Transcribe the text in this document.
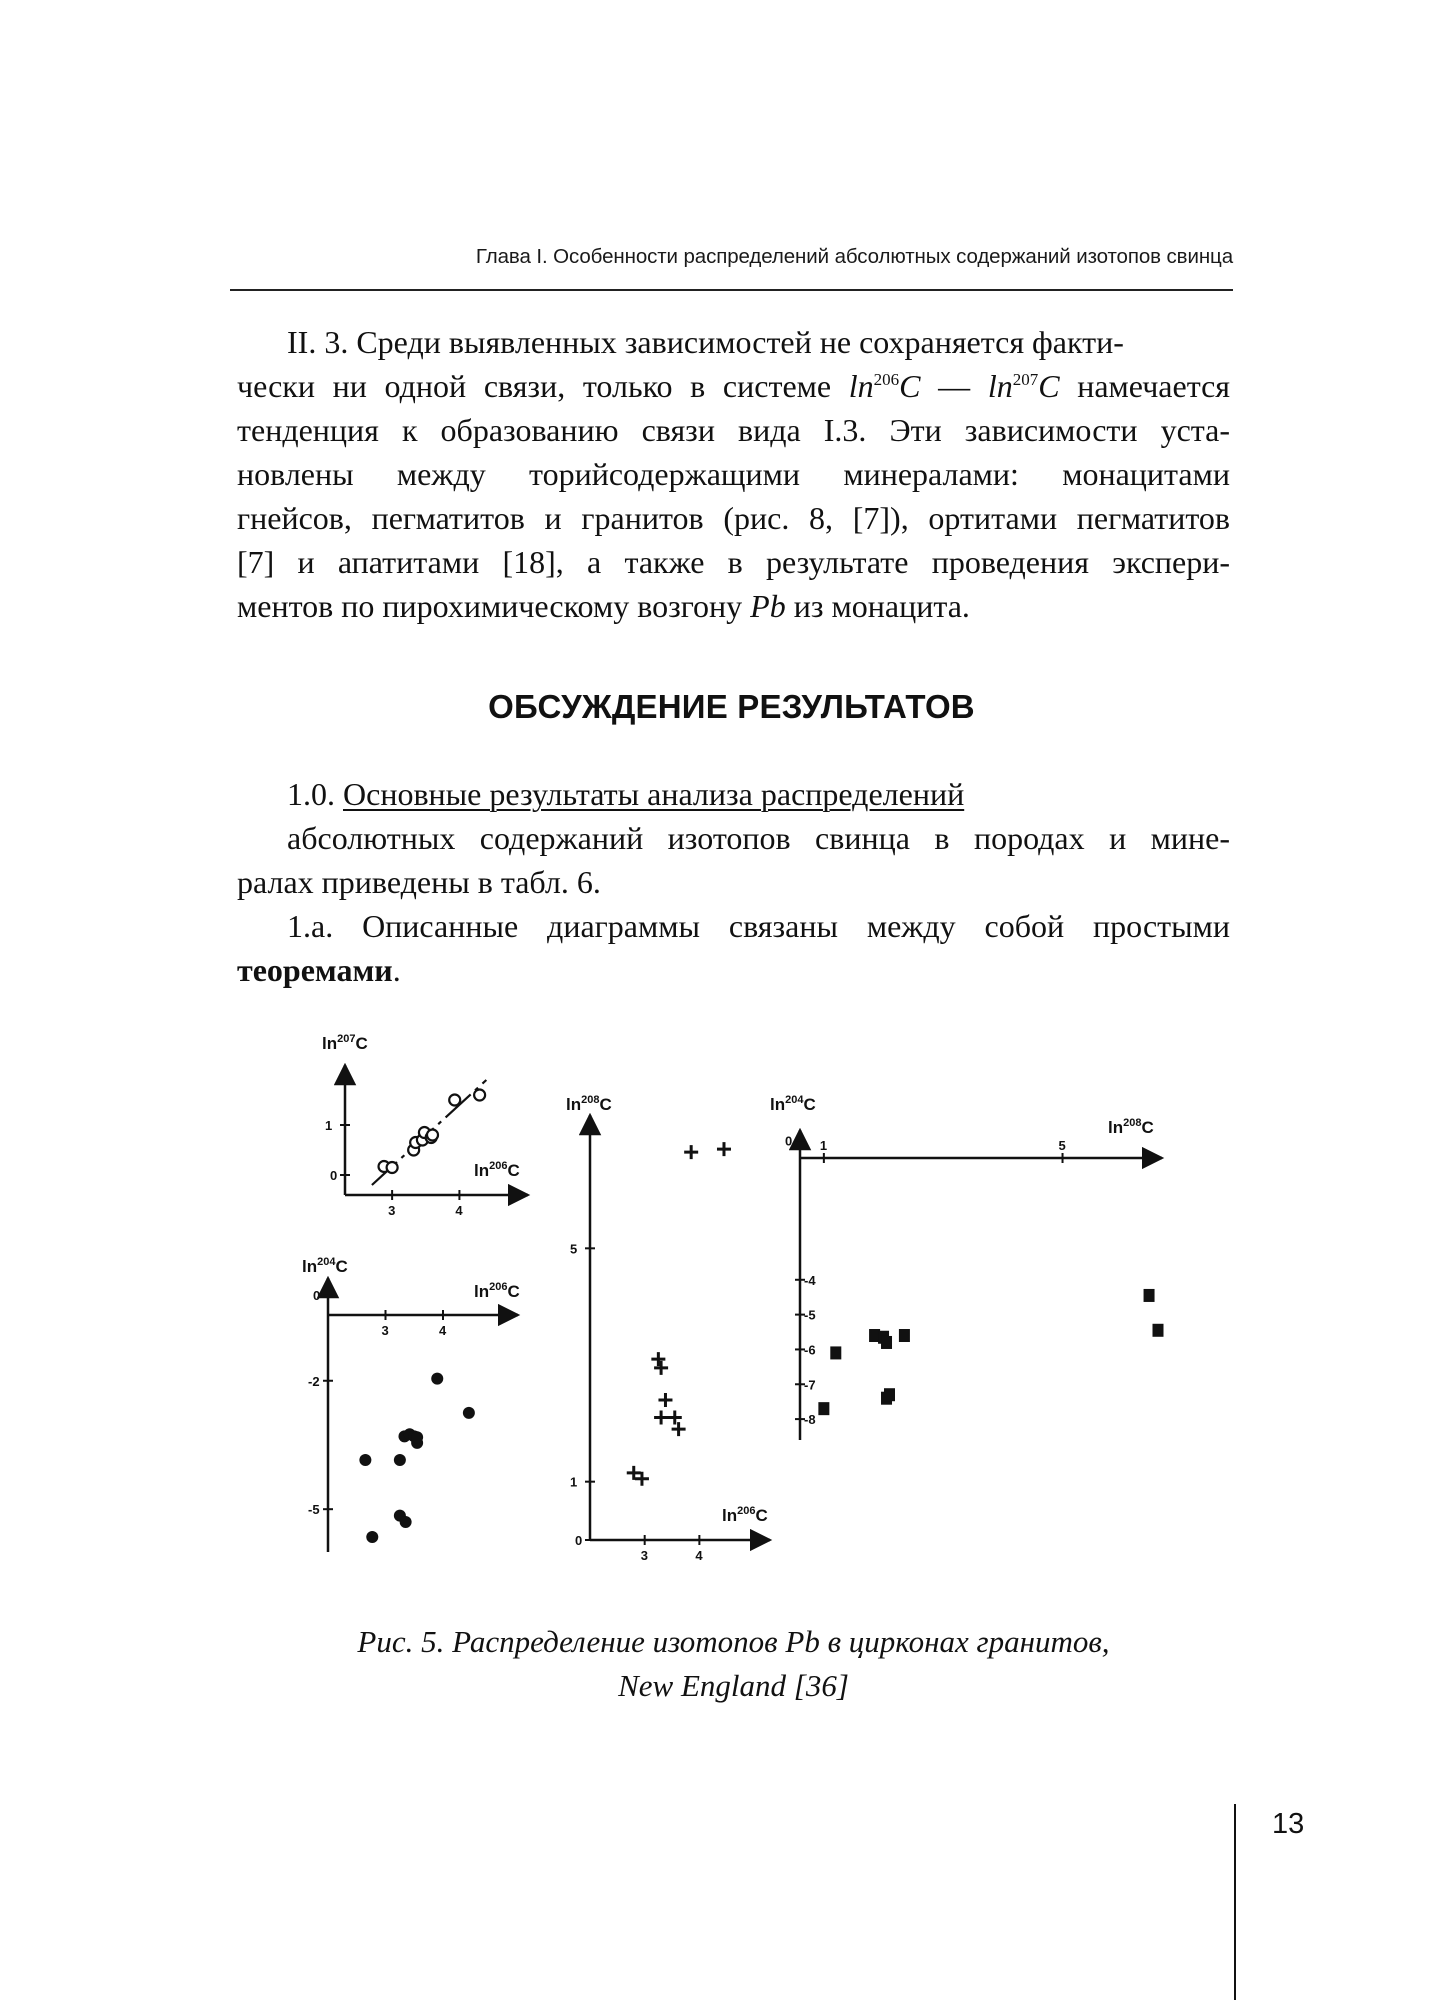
Глава I. Особенности распределений абсолютных содержаний изотопов свинца

II. 3. Среди выявленных зависимостей не сохраняется факти-

чески ни одной связи, только в системе $\ln^{206}C$ — $\ln^{207}C$ намечается
тенденция к образованию связи вида I.3. Эти зависимости уста-
новлены между торийсодержащими минералами: монацитами
гнейсов, пегматитов и гранитов (рис. 8, [7]), ортитами пегматитов
[7] и апатитами [18], а также в результате проведения экспери-
ментов по пирохимическому возгону Pb из монацита.
ОБСУЖДЕНИЕ РЕЗУЛЬТАТОВ
1.0. Основные результаты анализа распределений
абсолютных содержаний изотопов свинца в породах и мине-
ралах приведены в табл. 6.
1.а. Описанные диаграммы связаны между собой простыми
теоремами.
$\ln^{207}C$
$\ln^{206}C$
$\ln^{204}C$
$\ln^{206}C$
$\ln^{208}C$
$\ln^{206}C$
$\ln^{204}C$
$\ln^{208}C$
3	4
0
1
3	4
0
-2
-5
3	4
0
1
5
1	5
0
-4
-5
-6
-7
-8
Рис. 5. Распределение изотопов Pb в цирконах гранитов,
New England [36]
13
